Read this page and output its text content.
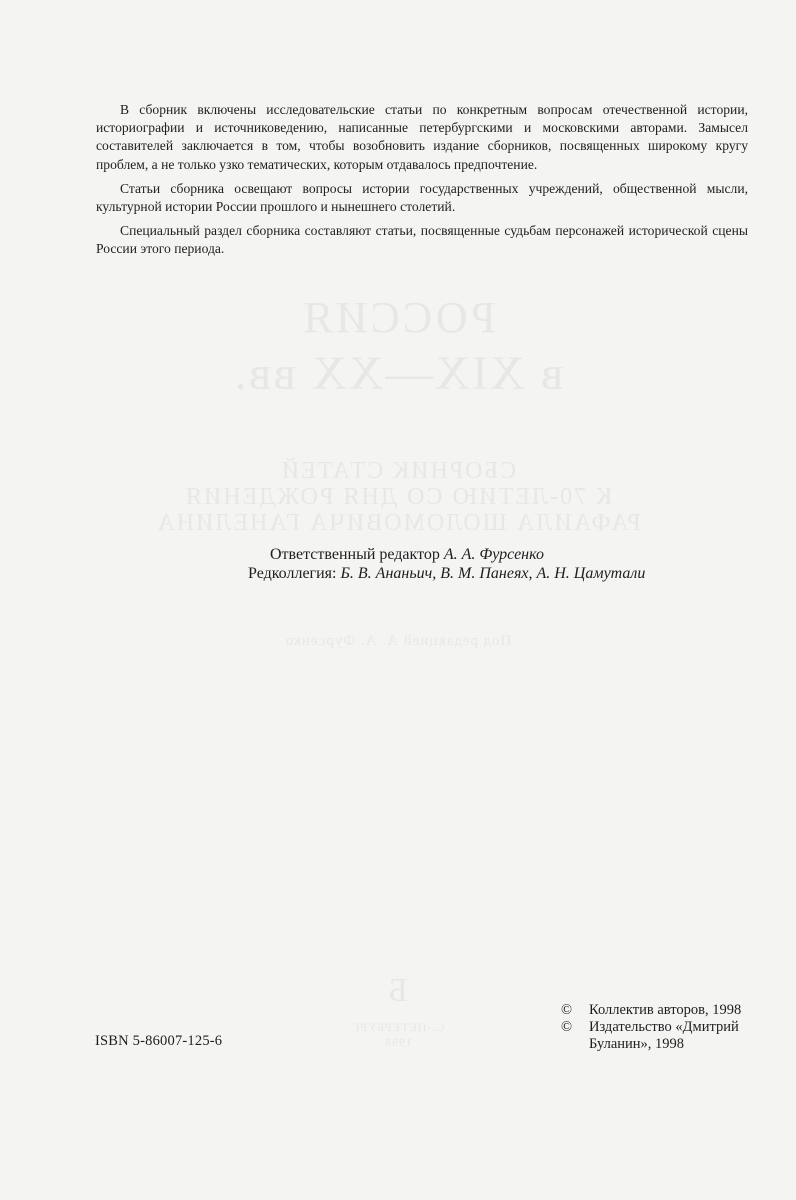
РОССИЯ
в XIX—XX вв.
СБОРНИК СТАТЕЙ
К 70-ЛЕТИЮ СО ДНЯ РОЖДЕНИЯ
РАФАИЛА ШОЛОМОВИЧА ГАНЕЛИНА
Под редакцией А. А. Фурсенко
Б
С.-ПЕТЕРБУРГ
1998

В сборник включены исследовательские статьи по конкретным вопросам отечественной истории, историографии и источниковедению, написанные петербургскими и московскими авторами. Замысел составителей заключается в том, чтобы возобновить издание сборников, посвященных широкому кругу проблем, а не только узко тематических, которым отдавалось предпочтение.

Статьи сборника освещают вопросы истории государственных учреждений, общественной мысли, культурной истории России прошлого и нынешнего столетий.

Специальный раздел сборника составляют статьи, посвященные судьбам персонажей исторической сцены России этого периода.

Ответственный редактор А. А. Фурсенко
Редколлегия: Б. В. Ананьич, В. М. Панеях, А. Н. Цамутали
ISBN 5-86007-125-6
© Коллектив авторов, 1998
© Издательство «Дмитрий
Буланин», 1998
